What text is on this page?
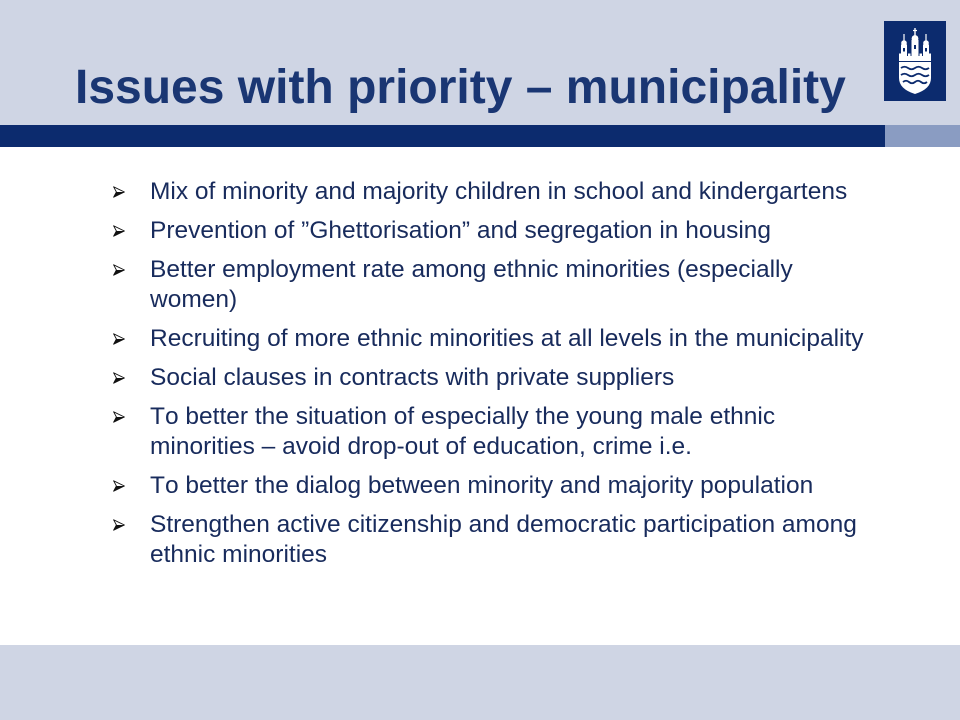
Issues with priority – municipality
Mix of minority and majority children in school and kindergartens
Prevention of ”Ghettorisation” and segregation in housing
Better employment rate among ethnic minorities (especially women)
Recruiting of more ethnic minorities at all levels in the municipality
Social clauses in contracts with private suppliers
To better the situation of especially the young male ethnic minorities – avoid drop-out of education, crime i.e.
To better the dialog between minority and majority population
Strengthen active citizenship and democratic participation among ethnic minorities
